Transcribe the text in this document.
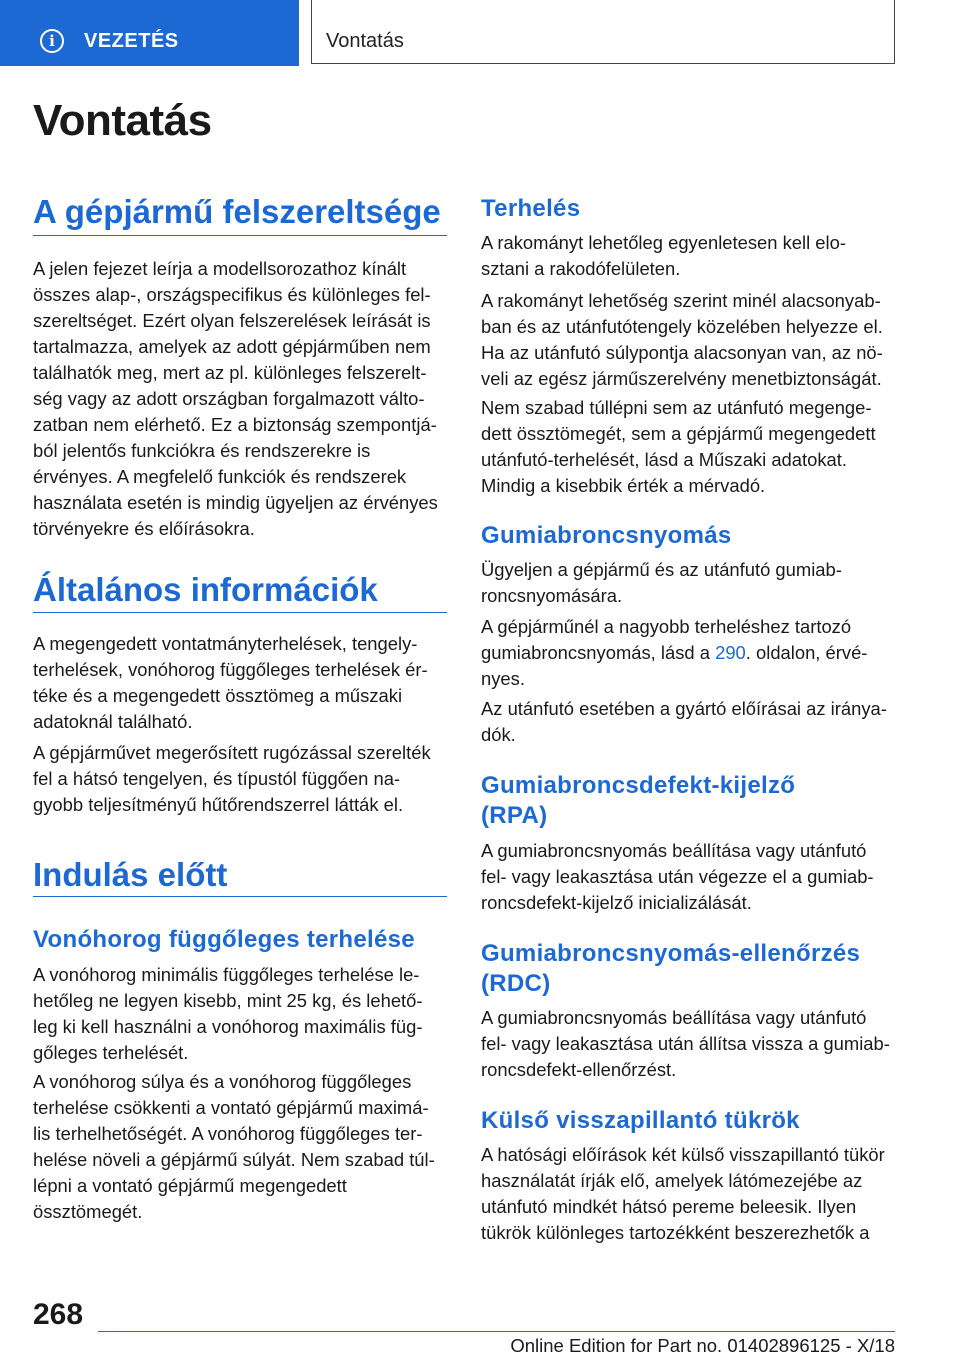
i	VEZETÉS	Vontatás
Vontatás
A gépjármű felszereltsége
A jelen fejezet leírja a modellsorozathoz kínált
összes alap-, országspecifikus és különleges fel-
szereltséget. Ezért olyan felszerelések leírását is
tartalmazza, amelyek az adott gépjárműben nem
találhatók meg, mert az pl. különleges felszerelt-
ség vagy az adott országban forgalmazott válto-
zatban nem elérhető. Ez a biztonság szempontjá-
ból jelentős funkciókra és rendszerekre is
érvényes. A megfelelő funkciók és rendszerek
használata esetén is mindig ügyeljen az érvényes
törvényekre és előírásokra.
Általános információk
A megengedett vontatmányterhelések, tengely-
terhelések, vonóhorog függőleges terhelések ér-
téke és a megengedett össztömeg a műszaki
adatoknál található.
A gépjárművet megerősített rugózással szerelték
fel a hátsó tengelyen, és típustól függően na-
gyobb teljesítményű hűtőrendszerrel látták el.
Indulás előtt
Vonóhorog függőleges terhelése
A vonóhorog minimális függőleges terhelése le-
hetőleg ne legyen kisebb, mint 25 kg, és lehető-
leg ki kell használni a vonóhorog maximális füg-
gőleges terhelését.
A vonóhorog súlya és a vonóhorog függőleges
terhelése csökkenti a vontató gépjármű maximá-
lis terhelhetőségét. A vonóhorog függőleges ter-
helése növeli a gépjármű súlyát. Nem szabad túl-
lépni a vontató gépjármű megengedett
össztömegét.
Terhelés
A rakományt lehetőleg egyenletesen kell elo-
sztani a rakodófelületen.
A rakományt lehetőség szerint minél alacsonyab-
ban és az utánfutótengely közelében helyezze el.
Ha az utánfutó súlypontja alacsonyan van, az nö-
veli az egész járműszerelvény menetbiztonságát.
Nem szabad túllépni sem az utánfutó megenge-
dett össztömegét, sem a gépjármű megengedett
utánfutó-terhelését, lásd a Műszaki adatokat.
Mindig a kisebbik érték a mérvadó.
Gumiabroncsnyomás
Ügyeljen a gépjármű és az utánfutó gumiab-
roncsnyomására.
A gépjárműnél a nagyobb terheléshez tartozó
gumiabroncsnyomás, lásd a 290. oldalon, érvé-
nyes.
Az utánfutó esetében a gyártó előírásai az iránya-
dók.
Gumiabroncsdefekt-kijelző
(RPA)
A gumiabroncsnyomás beállítása vagy utánfutó
fel- vagy leakasztása után végezze el a gumiab-
roncsdefekt-kijelző inicializálását.
Gumiabroncsnyomás-ellenőrzés
(RDC)
A gumiabroncsnyomás beállítása vagy utánfutó
fel- vagy leakasztása után állítsa vissza a gumiab-
roncsdefekt-ellenőrzést.
Külső visszapillantó tükrök
A hatósági előírások két külső visszapillantó tükör
használatát írják elő, amelyek látómezejébe az
utánfutó mindkét hátsó pereme beleesik. Ilyen
tükrök különleges tartozékként beszerezhetők a
268
Online Edition for Part no. 01402896125 - X/18
